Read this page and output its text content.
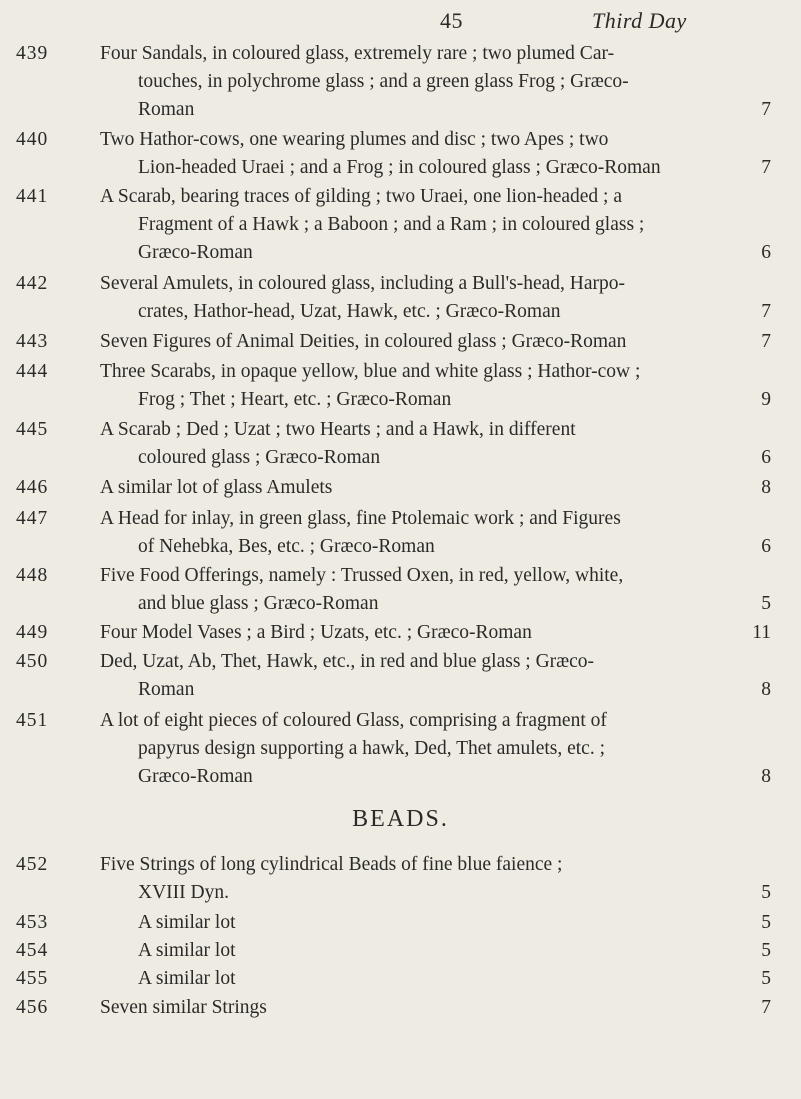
45	Third Day
439	Four Sandals, in coloured glass, extremely rare ; two plumed Car-
touches, in polychrome glass ; and a green glass Frog ; Græco-
Roman	7
440	Two Hathor-cows, one wearing plumes and disc ; two Apes ; two
Lion-headed Uraei ; and a Frog ; in coloured glass ; Græco-Roman	7
441	A Scarab, bearing traces of gilding ; two Uraei, one lion-headed ; a
Fragment of a Hawk ; a Baboon ; and a Ram ; in coloured glass ;
Græco-Roman	6
442	Several Amulets, in coloured glass, including a Bull's-head, Harpo-
crates, Hathor-head, Uzat, Hawk, etc. ; Græco-Roman	7
443	Seven Figures of Animal Deities, in coloured glass ; Græco-Roman	7
444	Three Scarabs, in opaque yellow, blue and white glass ; Hathor-cow ;
Frog ; Thet ; Heart, etc. ; Græco-Roman	9
445	A Scarab ; Ded ; Uzat ; two Hearts ; and a Hawk, in different
coloured glass ; Græco-Roman	6
446	A similar lot of glass Amulets	8
447	A Head for inlay, in green glass, fine Ptolemaic work ; and Figures
of Nehebka, Bes, etc. ; Græco-Roman	6
448	Five Food Offerings, namely : Trussed Oxen, in red, yellow, white,
and blue glass ; Græco-Roman	5
449	Four Model Vases ; a Bird ; Uzats, etc. ; Græco-Roman	11
450	Ded, Uzat, Ab, Thet, Hawk, etc., in red and blue glass ; Græco-
Roman	8
451	A lot of eight pieces of coloured Glass, comprising a fragment of
papyrus design supporting a hawk, Ded, Thet amulets, etc. ;
Græco-Roman	8
BEADS.
452	Five Strings of long cylindrical Beads of fine blue faience ;
XVIII Dyn.	5
453	A similar lot	5
454	A similar lot	5
455	A similar lot	5
456	Seven similar Strings	7
